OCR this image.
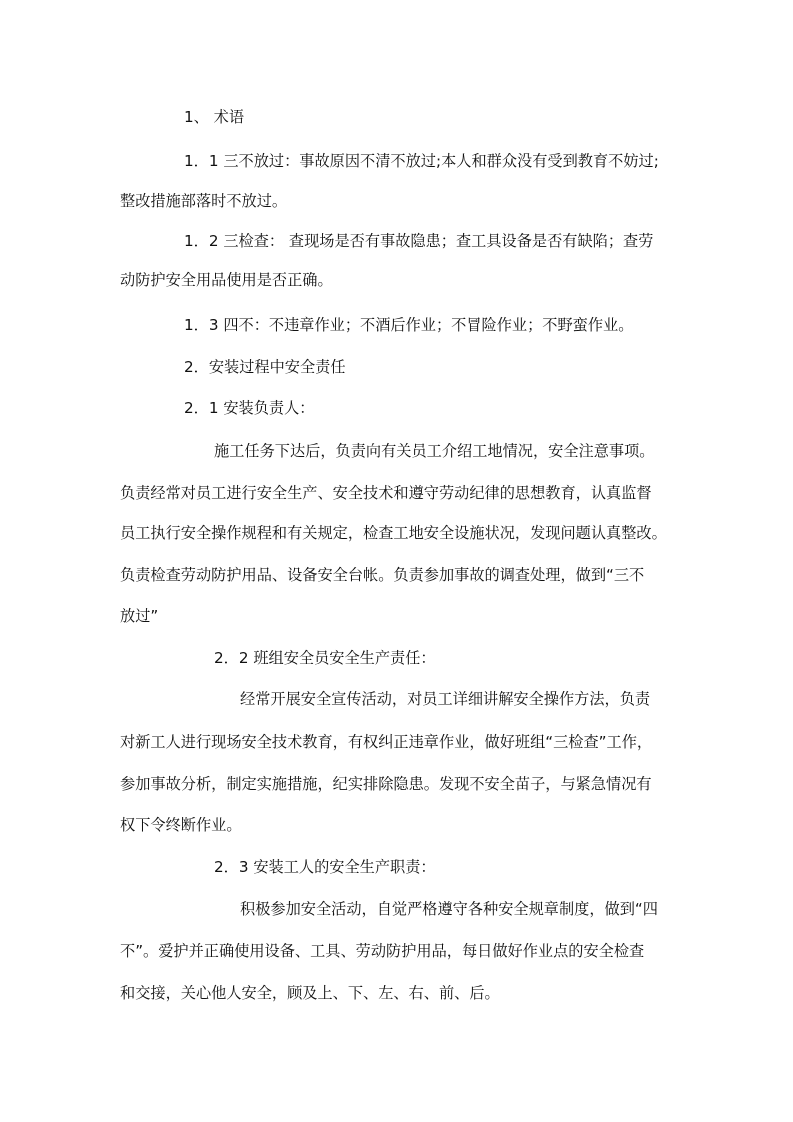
1、 术语
1．1 三不放过：事故原因不清不放过;本人和群众没有受到教育不妨过;
整改措施部落时不放过。
1．2 三检查： 查现场是否有事故隐患；查工具设备是否有缺陷；查劳
动防护安全用品使用是否正确。
1．3 四不：不违章作业；不酒后作业；不冒险作业；不野蛮作业。
2．安装过程中安全责任
2．1 安装负责人：
施工任务下达后，负责向有关员工介绍工地情况，安全注意事项。
负责经常对员工进行安全生产、安全技术和遵守劳动纪律的思想教育，认真监督
员工执行安全操作规程和有关规定，检查工地安全设施状况，发现问题认真整改。
负责检查劳动防护用品、设备安全台帐。负责参加事故的调查处理，做到“三不
放过”
2．2 班组安全员安全生产责任：
经常开展安全宣传活动，对员工详细讲解安全操作方法，负责
对新工人进行现场安全技术教育，有权纠正违章作业，做好班组“三检查”工作，
参加事故分析，制定实施措施，纪实排除隐患。发现不安全苗子，与紧急情况有
权下令终断作业。
2．3 安装工人的安全生产职责：
积极参加安全活动，自觉严格遵守各种安全规章制度，做到“四
不”。爱护并正确使用设备、工具、劳动防护用品，每日做好作业点的安全检查
和交接，关心他人安全，顾及上、下、左、右、前、后。
